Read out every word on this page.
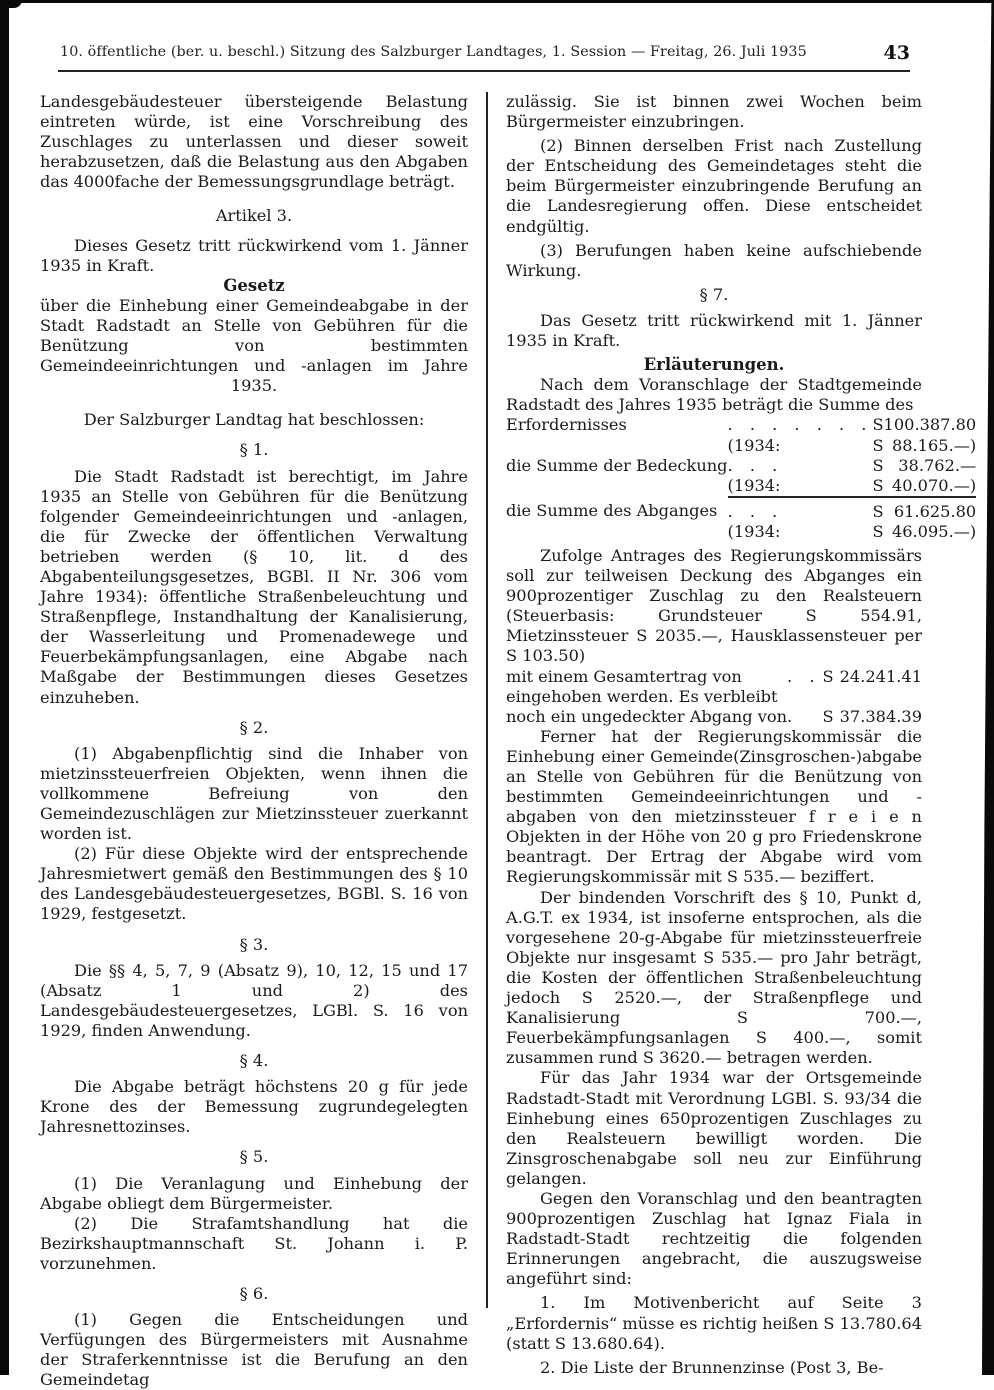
10. öffentliche (ber. u. beschl.) Sitzung des Salzburger Landtages, 1. Session — Freitag, 26. Juli 1935	43

Landesgebäudesteuer übersteigende Belastung eintreten würde, ist eine Vorschreibung des Zuschlages zu unterlassen und dieser soweit herabzusetzen, daß die Belastung aus den Abgaben das 4000fache der Bemessungsgrundlage beträgt.

Artikel 3.

Dieses Gesetz tritt rückwirkend vom 1. Jänner 1935 in Kraft.

Gesetz

über die Einhebung einer Gemeindeabgabe in der Stadt Radstadt an Stelle von Gebühren für die Benützung von bestimmten Gemeindeeinrichtungen und -anlagen im Jahre 1935.

Der Salzburger Landtag hat beschlossen:

§ 1.

Die Stadt Radstadt ist berechtigt, im Jahre 1935 an Stelle von Gebühren für die Benützung folgender Gemeindeeinrichtungen und -anlagen, die für Zwecke der öffentlichen Verwaltung betrieben werden (§ 10, lit. d des Abgabenteilungsgesetzes, BGBl. II Nr. 306 vom Jahre 1934): öffentliche Straßenbeleuchtung und Straßenpflege, Instandhaltung der Kanalisierung, der Wasserleitung und Promenadewege und Feuerbekämpfungsanlagen, eine Abgabe nach Maßgabe der Bestimmungen dieses Gesetzes einzuheben.

§ 2.

(1) Abgabenpflichtig sind die Inhaber von mietzinssteuerfreien Objekten, wenn ihnen die vollkommene Befreiung von den Gemeindezuschlägen zur Mietzinssteuer zuerkannt worden ist.

(2) Für diese Objekte wird der entsprechende Jahresmietwert gemäß den Bestimmungen des § 10 des Landesgebäudesteuergesetzes, BGBl. S. 16 von 1929, festgesetzt.

§ 3.

Die §§ 4, 5, 7, 9 (Absatz 9), 10, 12, 15 und 17 (Absatz 1 und 2) des Landesgebäudesteuergesetzes, LGBl. S. 16 von 1929, finden Anwendung.

§ 4.

Die Abgabe beträgt höchstens 20 g für jede Krone des der Bemessung zugrundegelegten Jahresnettozinses.

§ 5.

(1) Die Veranlagung und Einhebung der Abgabe obliegt dem Bürgermeister.

(2) Die Strafamtshandlung hat die Bezirkshauptmannschaft St. Johann i. P. vorzunehmen.

§ 6.

(1) Gegen die Entscheidungen und Verfügungen des Bürgermeisters mit Ausnahme der Straferkenntnisse ist die Berufung an den Gemeindetag

zulässig. Sie ist binnen zwei Wochen beim Bürgermeister einzubringen.

(2) Binnen derselben Frist nach Zustellung der Entscheidung des Gemeindetages steht die beim Bürgermeister einzubringende Berufung an die Landesregierung offen. Diese entscheidet endgültig.

(3) Berufungen haben keine aufschiebende Wirkung.

§ 7.

Das Gesetz tritt rückwirkend mit 1. Jänner 1935 in Kraft.

Erläuterungen.

Nach dem Voranschlage der Stadtgemeinde Radstadt des Jahres 1935 beträgt die Summe des

Erfordernisses	. . . . . . .	S	100.387.80
	(1934:	S	88.165.—)
die Summe der Bedeckung	. . .	S	38.762.—
	(1934:	S	40.070.—)
die Summe des Abganges	. . .	S	61.625.80
	(1934:	S	46.095.—)

Zufolge Antrages des Regierungskommissärs soll zur teilweisen Deckung des Abganges ein 900prozentiger Zuschlag zu den Realsteuern (Steuerbasis: Grundsteuer S 554.91, Mietzinssteuer S 2035.—, Hausklassensteuer per S 103.50)

mit einem Gesamtertrag von	. .	S	24.241.41
eingehoben werden. Es verbleibt			
noch ein ungedeckter Abgang von	.	S	37.384.39

Ferner hat der Regierungskommissär die Einhebung einer Gemeinde(Zinsgroschen-)abgabe an Stelle von Gebühren für die Benützung von bestimmten Gemeindeeinrichtungen und -abgaben von den mietzinssteuer f r e i e n Objekten in der Höhe von 20 g pro Friedenskrone beantragt. Der Ertrag der Abgabe wird vom Regierungskommissär mit S 535.— beziffert.

Der bindenden Vorschrift des § 10, Punkt d, A.G.T. ex 1934, ist insoferne entsprochen, als die vorgesehene 20-g-Abgabe für mietzinssteuerfreie Objekte nur insgesamt S 535.— pro Jahr beträgt, die Kosten der öffentlichen Straßenbeleuchtung jedoch S 2520.—, der Straßenpflege und Kanalisierung S 700.—, Feuerbekämpfungsanlagen S 400.—, somit zusammen rund S 3620.— betragen werden.

Für das Jahr 1934 war der Ortsgemeinde Radstadt-Stadt mit Verordnung LGBl. S. 93/34 die Einhebung eines 650prozentigen Zuschlages zu den Realsteuern bewilligt worden. Die Zinsgroschenabgabe soll neu zur Einführung gelangen.

Gegen den Voranschlag und den beantragten 900prozentigen Zuschlag hat Ignaz Fiala in Radstadt-Stadt rechtzeitig die folgenden Erinnerungen angebracht, die auszugsweise angeführt sind:

1. Im Motivenbericht auf Seite 3 „Erfordernis“ müsse es richtig heißen S 13.780.64 (statt S 13.680.64).

2. Die Liste der Brunnenzinse (Post 3, Be-
